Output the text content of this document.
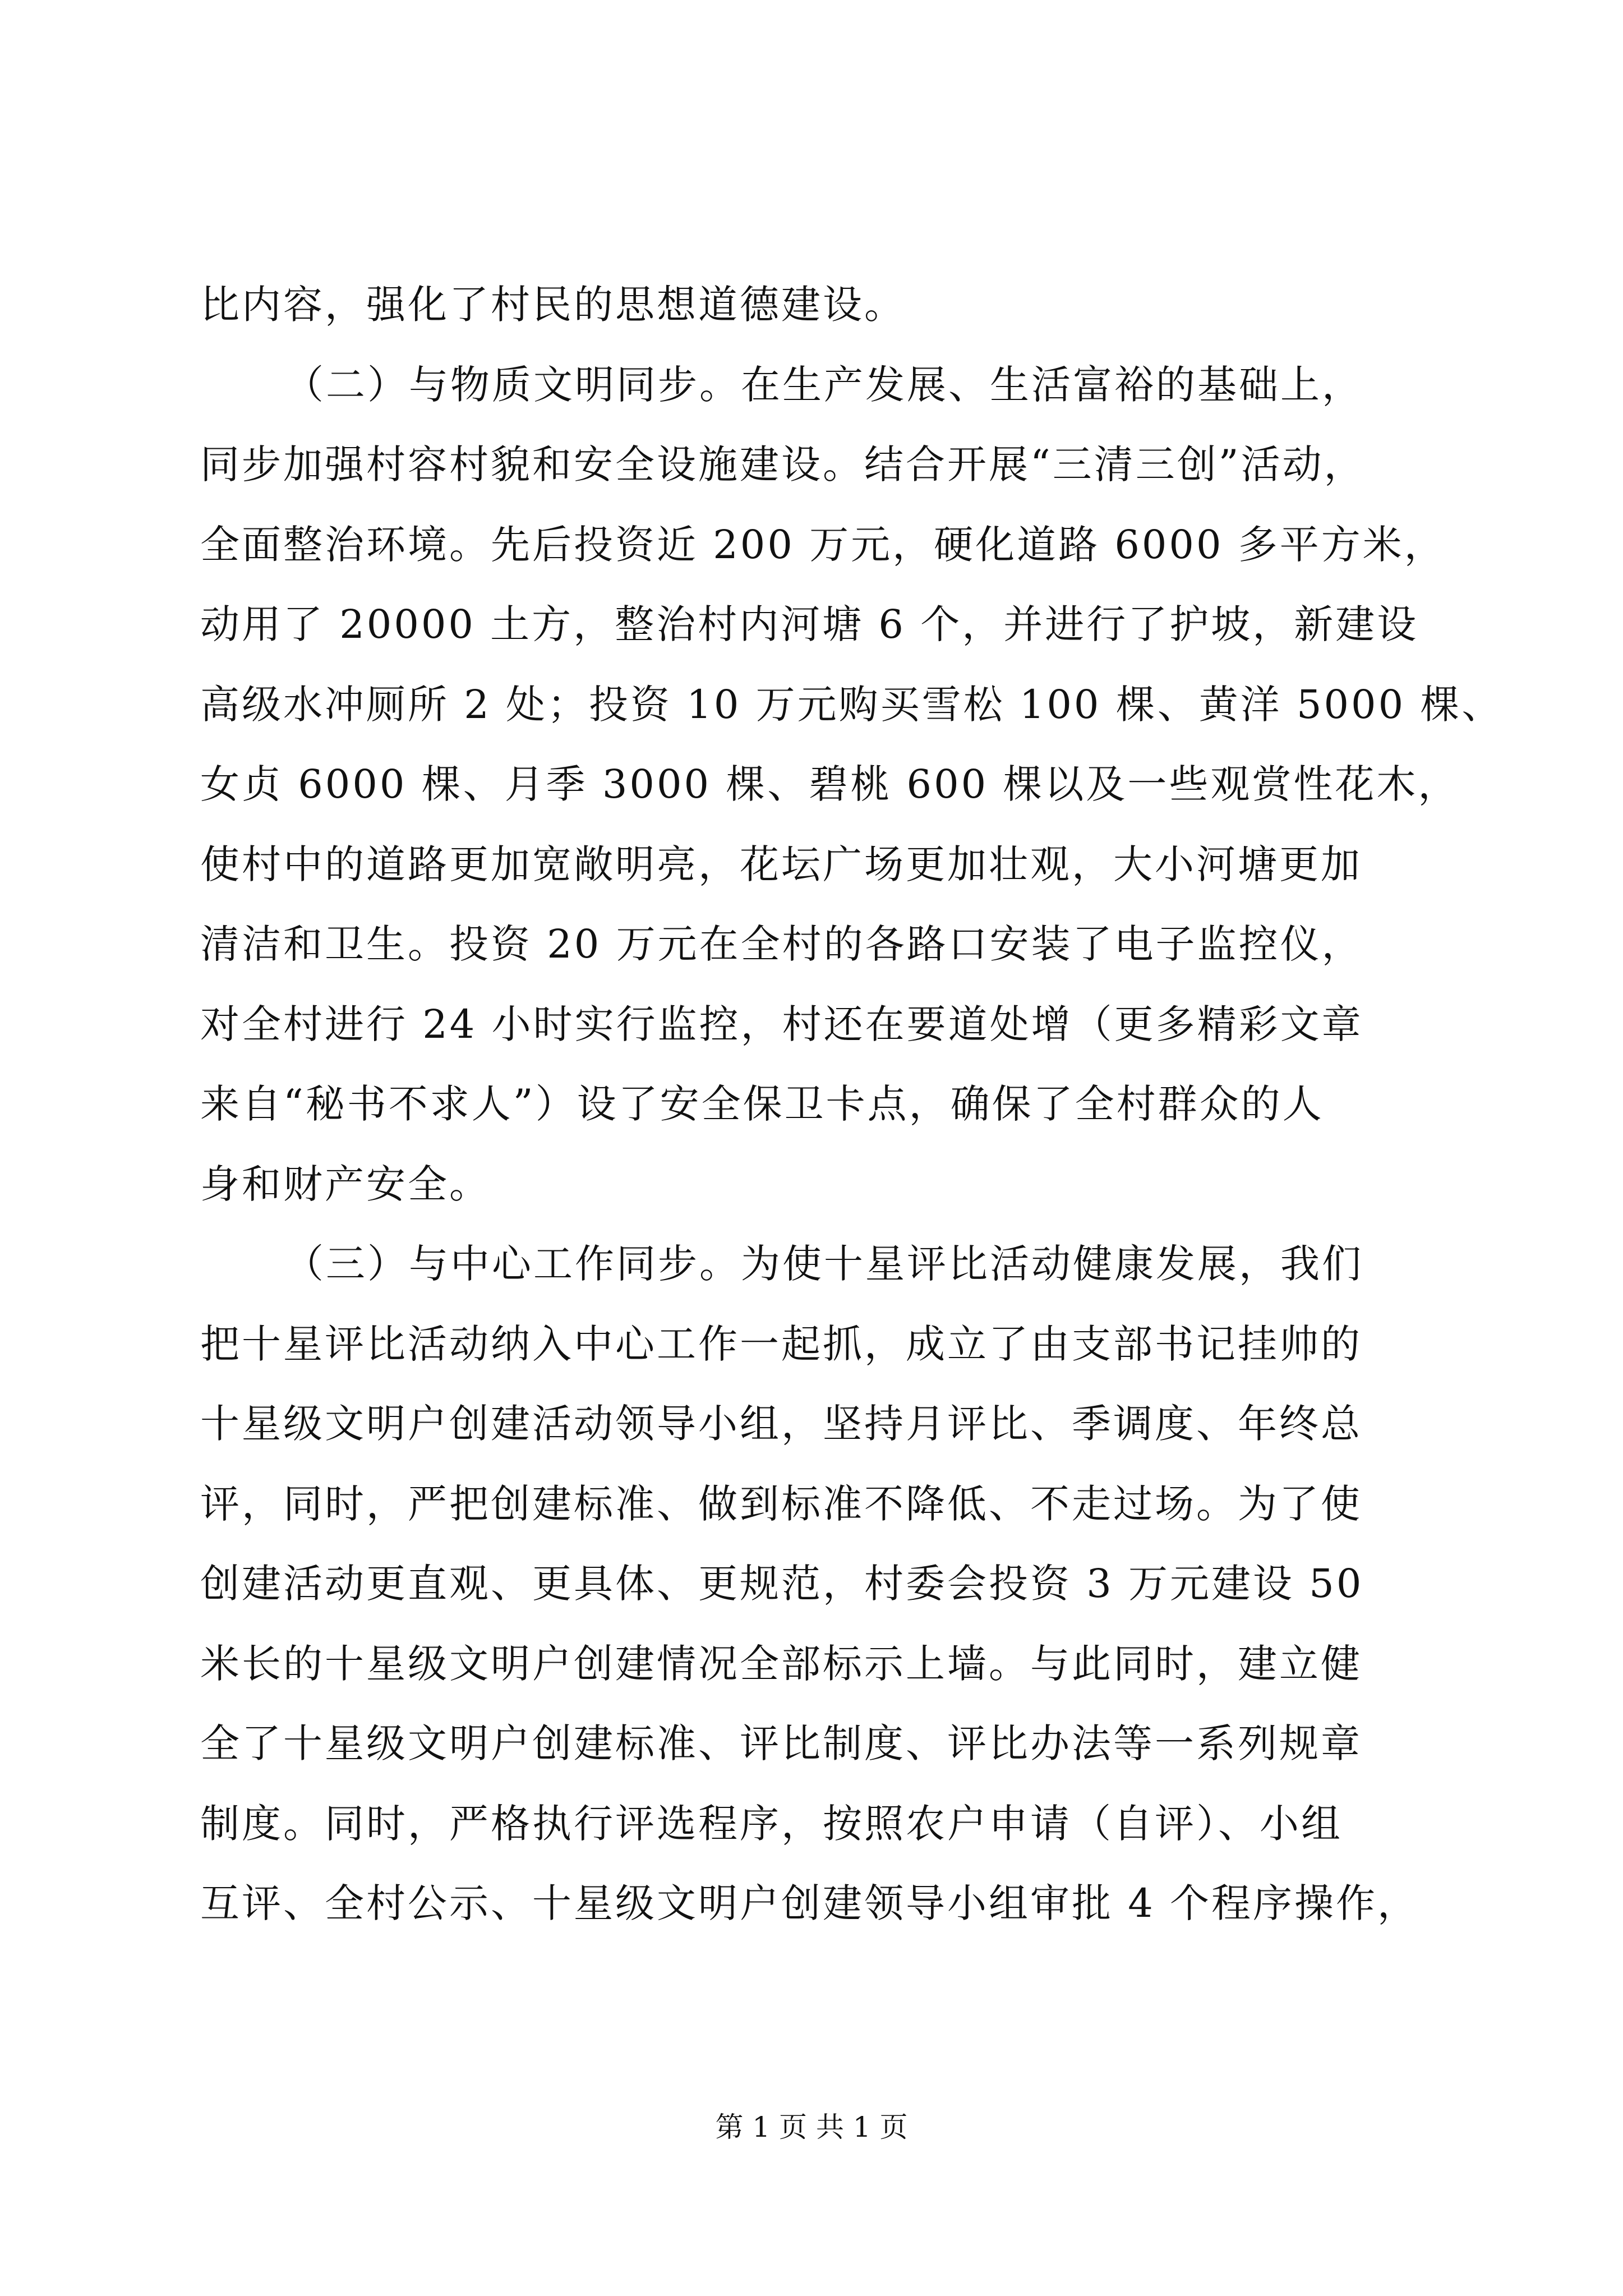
比内容，强化了村民的思想道德建设。
（二）与物质文明同步。在生产发展、生活富裕的基础上，
同步加强村容村貌和安全设施建设。结合开展“三清三创”活动，
全面整治环境。先后投资近 200 万元，硬化道路 6000 多平方米，
动用了 20000 土方，整治村内河塘 6 个，并进行了护坡，新建设
高级水冲厕所 2 处；投资 10 万元购买雪松 100 棵、黄洋 5000 棵、
女贞 6000 棵、月季 3000 棵、碧桃 600 棵以及一些观赏性花木，
使村中的道路更加宽敞明亮，花坛广场更加壮观，大小河塘更加
清洁和卫生。投资 20 万元在全村的各路口安装了电子监控仪，
对全村进行 24 小时实行监控，村还在要道处增（更多精彩文章
来自“秘书不求人”）设了安全保卫卡点，确保了全村群众的人
身和财产安全。
（三）与中心工作同步。为使十星评比活动健康发展，我们
把十星评比活动纳入中心工作一起抓，成立了由支部书记挂帅的
十星级文明户创建活动领导小组，坚持月评比、季调度、年终总
评，同时，严把创建标准、做到标准不降低、不走过场。为了使
创建活动更直观、更具体、更规范，村委会投资 3 万元建设 50
米长的十星级文明户创建情况全部标示上墙。与此同时，建立健
全了十星级文明户创建标准、评比制度、评比办法等一系列规章
制度。同时，严格执行评选程序，按照农户申请（自评）、小组
互评、全村公示、十星级文明户创建领导小组审批 4 个程序操作，
第 1 页 共 1 页
